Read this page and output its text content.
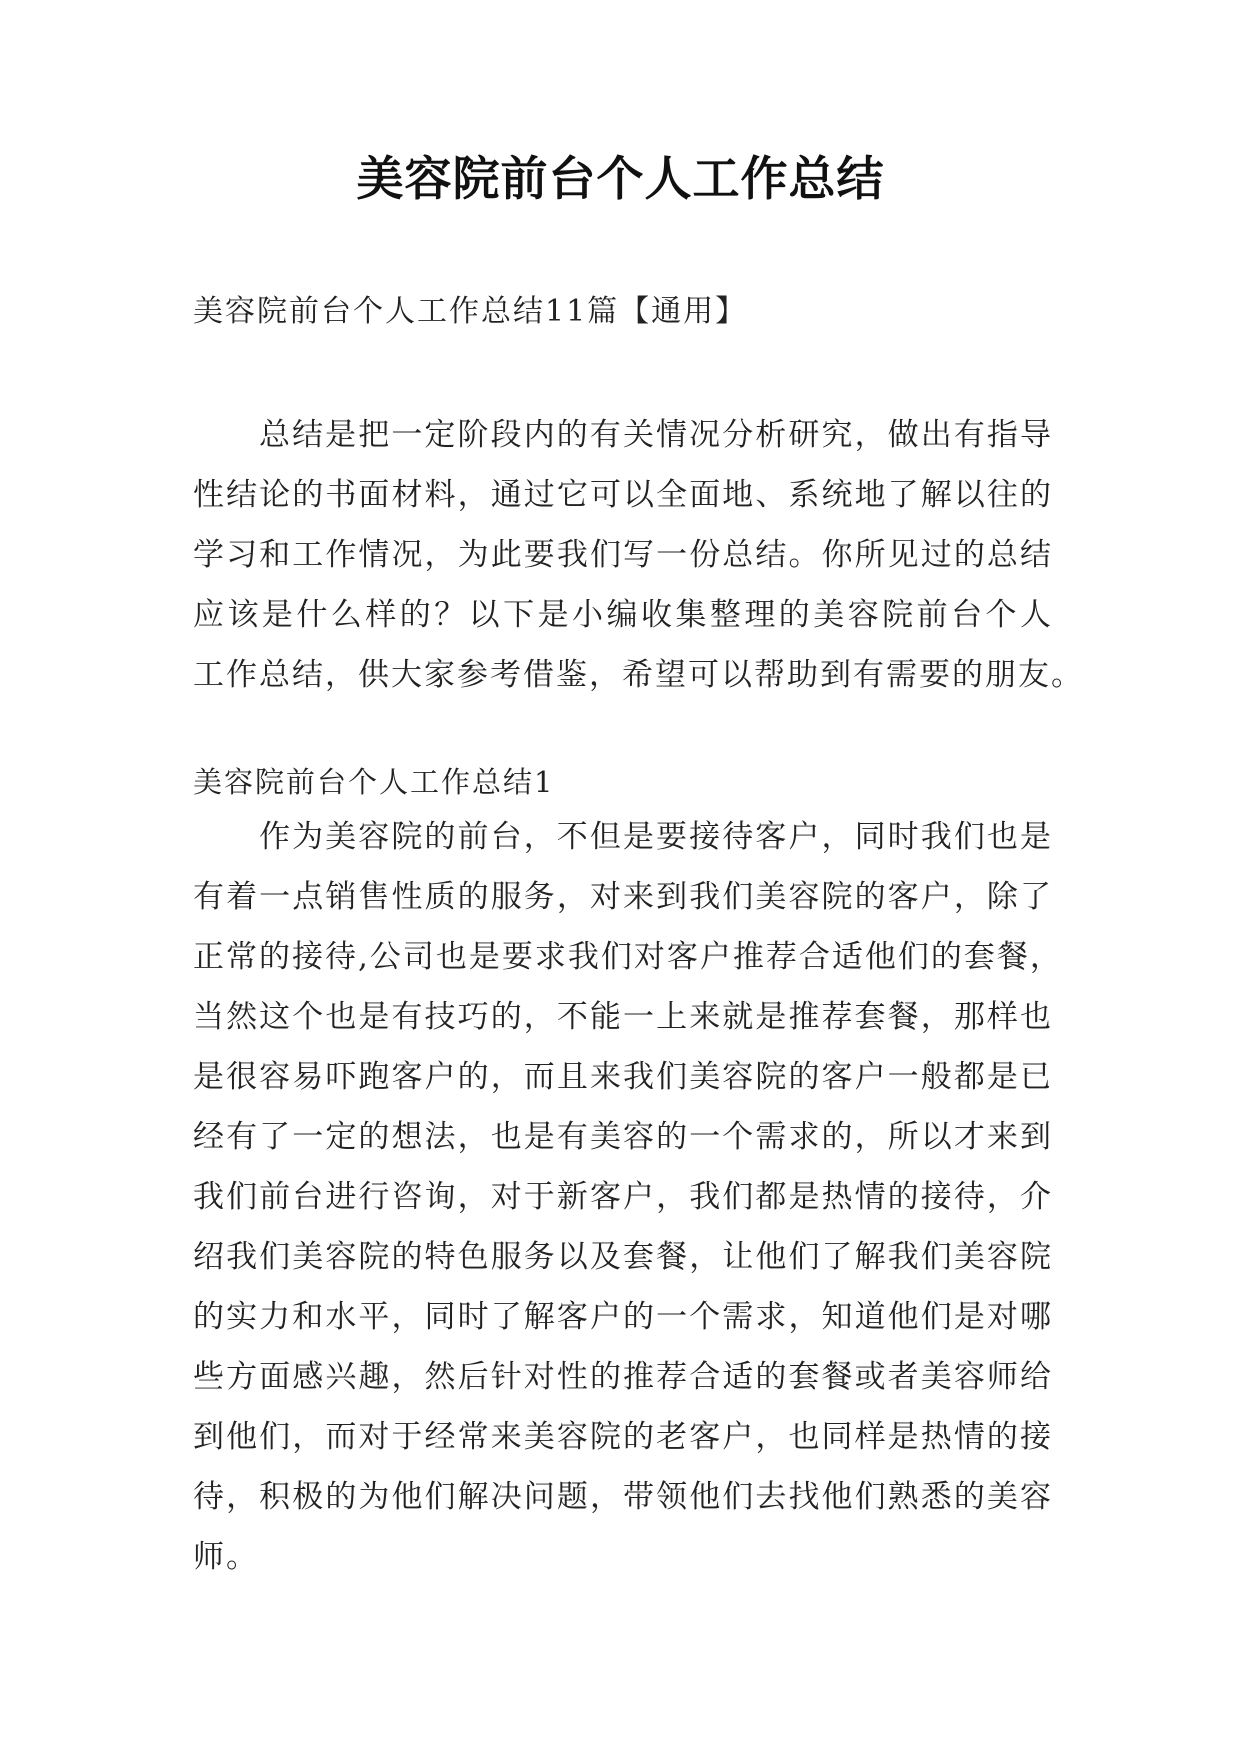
美容院前台个人工作总结
美容院前台个人工作总结11篇【通用】
总结是把一定阶段内的有关情况分析研究，做出有指导
性结论的书面材料，通过它可以全面地、系统地了解以往的
学习和工作情况，为此要我们写一份总结。你所见过的总结
应该是什么样的？以下是小编收集整理的美容院前台个人
工作总结，供大家参考借鉴，希望可以帮助到有需要的朋友。
美容院前台个人工作总结1
作为美容院的前台，不但是要接待客户，同时我们也是
有着一点销售性质的服务，对来到我们美容院的客户，除了
正常的接待,公司也是要求我们对客户推荐合适他们的套餐，
当然这个也是有技巧的，不能一上来就是推荐套餐，那样也
是很容易吓跑客户的，而且来我们美容院的客户一般都是已
经有了一定的想法，也是有美容的一个需求的，所以才来到
我们前台进行咨询，对于新客户，我们都是热情的接待，介
绍我们美容院的特色服务以及套餐，让他们了解我们美容院
的实力和水平，同时了解客户的一个需求，知道他们是对哪
些方面感兴趣，然后针对性的推荐合适的套餐或者美容师给
到他们，而对于经常来美容院的老客户，也同样是热情的接
待，积极的为他们解决问题，带领他们去找他们熟悉的美容
师。
